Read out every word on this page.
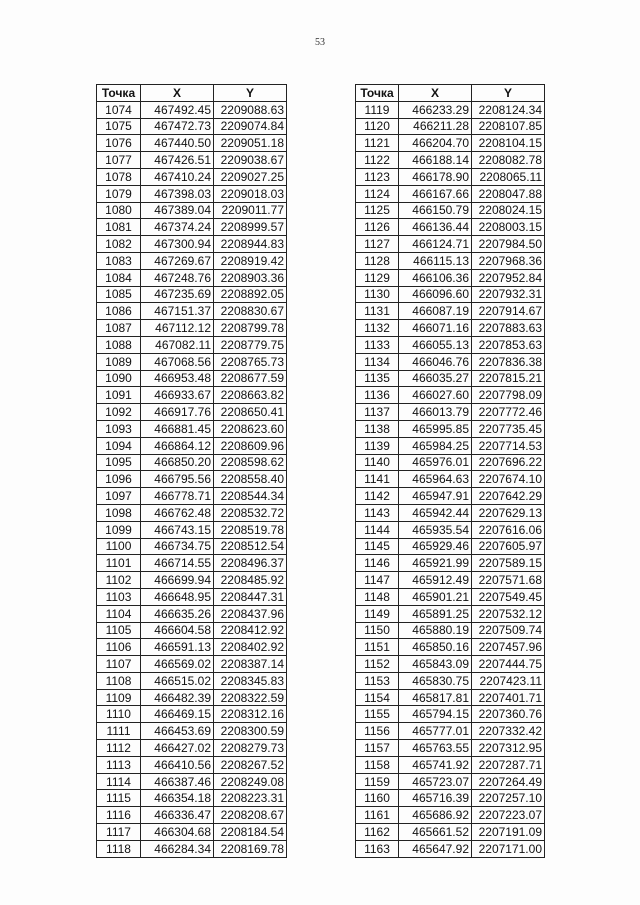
53
Точка	X	Y
1074	467492.45	2209088.63
1075	467472.73	2209074.84
1076	467440.50	2209051.18
1077	467426.51	2209038.67
1078	467410.24	2209027.25
1079	467398.03	2209018.03
1080	467389.04	2209011.77
1081	467374.24	2208999.57
1082	467300.94	2208944.83
1083	467269.67	2208919.42
1084	467248.76	2208903.36
1085	467235.69	2208892.05
1086	467151.37	2208830.67
1087	467112.12	2208799.78
1088	467082.11	2208779.75
1089	467068.56	2208765.73
1090	466953.48	2208677.59
1091	466933.67	2208663.82
1092	466917.76	2208650.41
1093	466881.45	2208623.60
1094	466864.12	2208609.96
1095	466850.20	2208598.62
1096	466795.56	2208558.40
1097	466778.71	2208544.34
1098	466762.48	2208532.72
1099	466743.15	2208519.78
1100	466734.75	2208512.54
1101	466714.55	2208496.37
1102	466699.94	2208485.92
1103	466648.95	2208447.31
1104	466635.26	2208437.96
1105	466604.58	2208412.92
1106	466591.13	2208402.92
1107	466569.02	2208387.14
1108	466515.02	2208345.83
1109	466482.39	2208322.59
1110	466469.15	2208312.16
1111	466453.69	2208300.59
1112	466427.02	2208279.73
1113	466410.56	2208267.52
1114	466387.46	2208249.08
1115	466354.18	2208223.31
1116	466336.47	2208208.67
1117	466304.68	2208184.54
1118	466284.34	2208169.78
Точка	X	Y
1119	466233.29	2208124.34
1120	466211.28	2208107.85
1121	466204.70	2208104.15
1122	466188.14	2208082.78
1123	466178.90	2208065.11
1124	466167.66	2208047.88
1125	466150.79	2208024.15
1126	466136.44	2208003.15
1127	466124.71	2207984.50
1128	466115.13	2207968.36
1129	466106.36	2207952.84
1130	466096.60	2207932.31
1131	466087.19	2207914.67
1132	466071.16	2207883.63
1133	466055.13	2207853.63
1134	466046.76	2207836.38
1135	466035.27	2207815.21
1136	466027.60	2207798.09
1137	466013.79	2207772.46
1138	465995.85	2207735.45
1139	465984.25	2207714.53
1140	465976.01	2207696.22
1141	465964.63	2207674.10
1142	465947.91	2207642.29
1143	465942.44	2207629.13
1144	465935.54	2207616.06
1145	465929.46	2207605.97
1146	465921.99	2207589.15
1147	465912.49	2207571.68
1148	465901.21	2207549.45
1149	465891.25	2207532.12
1150	465880.19	2207509.74
1151	465850.16	2207457.96
1152	465843.09	2207444.75
1153	465830.75	2207423.11
1154	465817.81	2207401.71
1155	465794.15	2207360.76
1156	465777.01	2207332.42
1157	465763.55	2207312.95
1158	465741.92	2207287.71
1159	465723.07	2207264.49
1160	465716.39	2207257.10
1161	465686.92	2207223.07
1162	465661.52	2207191.09
1163	465647.92	2207171.00
